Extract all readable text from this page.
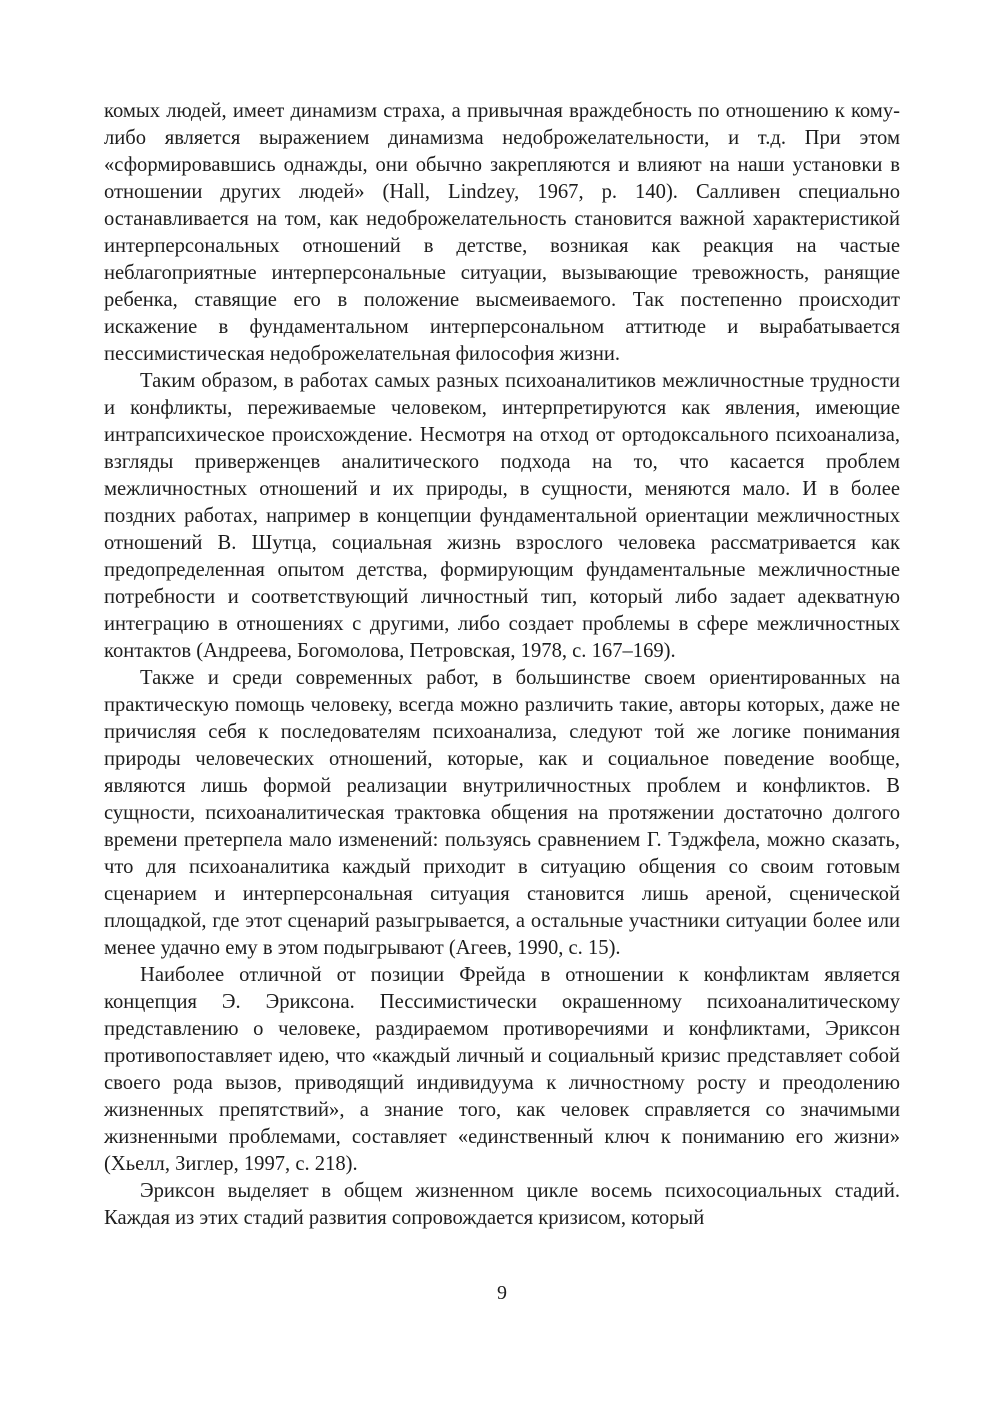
комых людей, имеет динамизм страха, а привычная враждебность по отношению к кому-либо является выражением динамизма недоброжелательности, и т.д. При этом «сформировавшись однажды, они обычно закрепляются и влияют на наши установки в отношении других людей» (Hall, Lindzey, 1967, p. 140). Салливен специально останавливается на том, как недоброжелательность становится важной характеристикой интерперсональных отношений в детстве, возникая как реакция на частые неблагоприятные интерперсональные ситуации, вызывающие тревожность, ранящие ребенка, ставящие его в положение высмеиваемого. Так постепенно происходит искажение в фундаментальном интерперсональном аттитюде и вырабатывается пессимистическая недоброжелательная философия жизни.

Таким образом, в работах самых разных психоаналитиков межличностные трудности и конфликты, переживаемые человеком, интерпретируются как явления, имеющие интрапсихическое происхождение. Несмотря на отход от ортодоксального психоанализа, взгляды приверженцев аналитического подхода на то, что касается проблем межличностных отношений и их природы, в сущности, меняются мало. И в более поздних работах, например в концепции фундаментальной ориентации межличностных отношений В. Шутца, социальная жизнь взрослого человека рассматривается как предопределенная опытом детства, формирующим фундаментальные межличностные потребности и соответствующий личностный тип, который либо задает адекватную интеграцию в отношениях с другими, либо создает проблемы в сфере межличностных контактов (Андреева, Богомолова, Петровская, 1978, с. 167–169).

Также и среди современных работ, в большинстве своем ориентированных на практическую помощь человеку, всегда можно различить такие, авторы которых, даже не причисляя себя к последователям психоанализа, следуют той же логике понимания природы человеческих отношений, которые, как и социальное поведение вообще, являются лишь формой реализации внутриличностных проблем и конфликтов. В сущности, психоаналитическая трактовка общения на протяжении достаточно долгого времени претерпела мало изменений: пользуясь сравнением Г. Тэджфела, можно сказать, что для психоаналитика каждый приходит в ситуацию общения со своим готовым сценарием и интерперсональная ситуация становится лишь ареной, сценической площадкой, где этот сценарий разыгрывается, а остальные участники ситуации более или менее удачно ему в этом подыгрывают (Агеев, 1990, с. 15).

Наиболее отличной от позиции Фрейда в отношении к конфликтам является концепция Э. Эриксона. Пессимистически окрашенному психоаналитическому представлению о человеке, раздираемом противоречиями и конфликтами, Эриксон противопоставляет идею, что «каждый личный и социальный кризис представляет собой своего рода вызов, приводящий индивидуума к личностному росту и преодолению жизненных препятствий», а знание того, как человек справляется со значимыми жизненными проблемами, составляет «единственный ключ к пониманию его жизни» (Хьелл, Зиглер, 1997, с. 218).

Эриксон выделяет в общем жизненном цикле восемь психосоциальных стадий. Каждая из этих стадий развития сопровождается кризисом, который

9
